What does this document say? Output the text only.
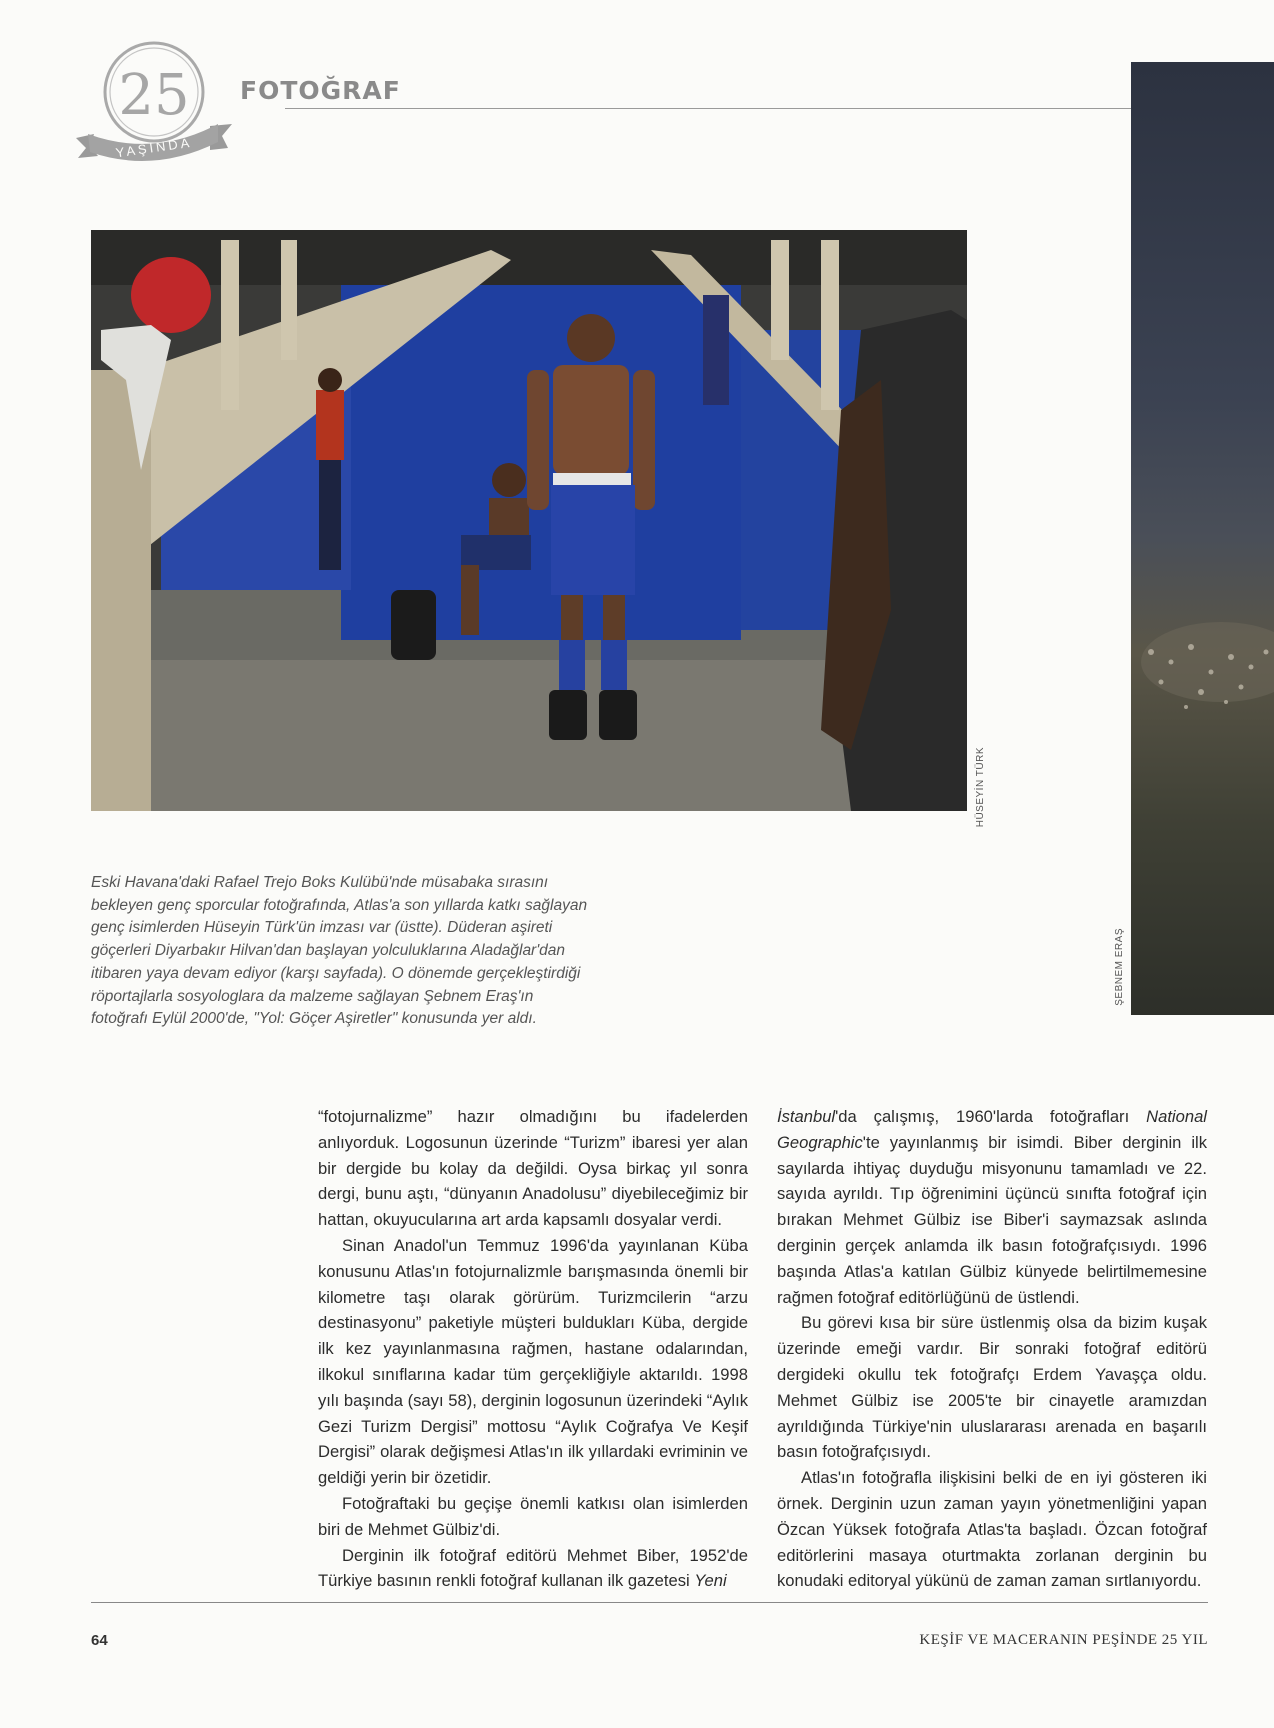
25
YAŞINDA
FOTOĞRAF
ŞEBNEM ERAŞ
HÜSEYİN TÜRK
Eski Havana'daki Rafael Trejo Boks Kulübü'nde müsabaka sırasını
bekleyen genç sporcular fotoğrafında, Atlas'a son yıllarda katkı sağlayan
genç isimlerden Hüseyin Türk'ün imzası var (üstte). Düderan aşireti
göçerleri Diyarbakır Hilvan'dan başlayan yolculuklarına Aladağlar'dan
itibaren yaya devam ediyor (karşı sayfada). O dönemde gerçekleştirdiği
röportajlarla sosyologlara da malzeme sağlayan Şebnem Eraş'ın
fotoğrafı Eylül 2000'de, "Yol: Göçer Aşiretler" konusunda yer aldı.

“fotojurnalizme” hazır olmadığını bu ifadelerden anlıyorduk. Logosunun üzerinde “Turizm” ibaresi yer alan bir dergide bu kolay da değildi. Oysa birkaç yıl sonra dergi, bunu aştı, “dünyanın Anadolusu” diyebileceğimiz bir hattan, okuyucularına art arda kapsamlı dosyalar verdi.

Sinan Anadol'un Temmuz 1996'da yayınlanan Küba konusunu Atlas'ın fotojurnalizmle barışmasında önemli bir kilometre taşı olarak görürüm. Turizmcilerin “arzu destinasyonu” paketiyle müşteri buldukları Küba, dergide ilk kez yayınlanmasına rağmen, hastane odalarından, ilkokul sınıflarına kadar tüm gerçekliğiyle aktarıldı. 1998 yılı başında (sayı 58), derginin logosunun üzerindeki “Aylık Gezi Turizm Dergisi” mottosu “Aylık Coğrafya Ve Keşif Dergisi” olarak değişmesi Atlas'ın ilk yıllardaki evriminin ve geldiği yerin bir özetidir.

Fotoğraftaki bu geçişe önemli katkısı olan isimlerden biri de Mehmet Gülbiz'di.

Derginin ilk fotoğraf editörü Mehmet Biber, 1952'de Türkiye basının renkli fotoğraf kullanan ilk gazetesi Yeni

İstanbul'da çalışmış, 1960'larda fotoğrafları National Geographic'te yayınlanmış bir isimdi. Biber derginin ilk sayılarda ihtiyaç duyduğu misyonunu tamamladı ve 22. sayıda ayrıldı. Tıp öğrenimini üçüncü sınıfta fotoğraf için bırakan Mehmet Gülbiz ise Biber'i saymazsak aslında derginin gerçek anlamda ilk basın fotoğrafçısıydı. 1996 başında Atlas'a katılan Gülbiz künyede belirtilmemesine rağmen fotoğraf editörlüğünü de üstlendi.

Bu görevi kısa bir süre üstlenmiş olsa da bizim kuşak üzerinde emeği vardır. Bir sonraki fotoğraf editörü dergideki okullu tek fotoğrafçı Erdem Yavaşça oldu. Mehmet Gülbiz ise 2005'te bir cinayetle aramızdan ayrıldığında Türkiye'nin uluslararası arenada en başarılı basın fotoğrafçısıydı.

Atlas'ın fotoğrafla ilişkisini belki de en iyi gösteren iki örnek. Derginin uzun zaman yayın yönetmenliğini yapan Özcan Yüksek fotoğrafa Atlas'ta başladı. Özcan fotoğraf editörlerini masaya oturtmakta zorlanan derginin bu konudaki editoryal yükünü de zaman zaman sırtlanıyordu.

64	KEŞİF VE MACERANIN PEŞİNDE 25 YIL
